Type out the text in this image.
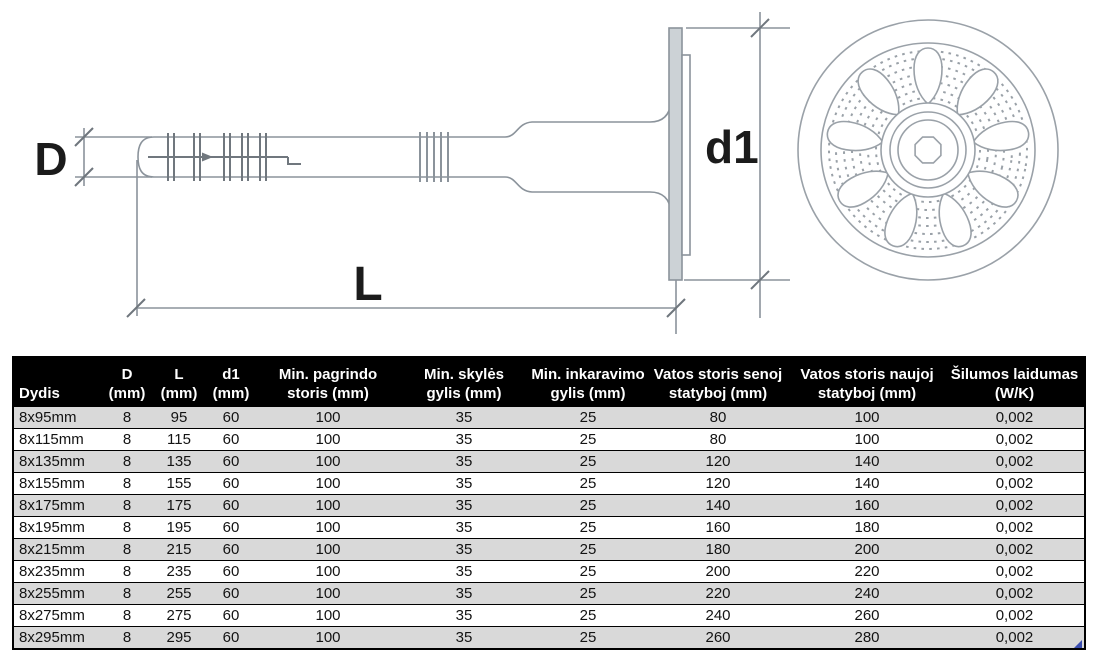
D
L
d1
Dydis

D
(mm)

L
(mm)

d1
(mm)

Min. pagrindo
storis (mm)

Min. skylės
gylis (mm)

Min. inkaravimo
gylis (mm)

Vatos storis senoj
statyboj (mm)

Vatos storis naujoj
statyboj (mm)

Šilumos laidumas
(W/K)

8x95mm	8	95	60	100	35	25	80	100	0,002
8x115mm	8	115	60	100	35	25	80	100	0,002
8x135mm	8	135	60	100	35	25	120	140	0,002
8x155mm	8	155	60	100	35	25	120	140	0,002
8x175mm	8	175	60	100	35	25	140	160	0,002
8x195mm	8	195	60	100	35	25	160	180	0,002
8x215mm	8	215	60	100	35	25	180	200	0,002
8x235mm	8	235	60	100	35	25	200	220	0,002
8x255mm	8	255	60	100	35	25	220	240	0,002
8x275mm	8	275	60	100	35	25	240	260	0,002
8x295mm	8	295	60	100	35	25	260	280	0,002
